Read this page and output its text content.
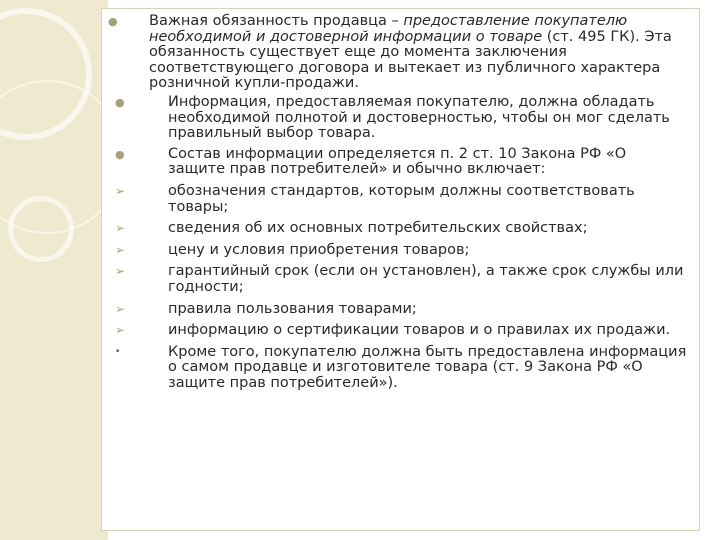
●	Важная обязанность продавца – предоставление покупателю необходимой и достоверной информации о товаре (ст. 495 ГК). Эта обязанность существует еще до момента заключения соответствующего договора и вытекает из публичного характера розничной купли-продажи.

●	Информация, предоставляемая покупателю, должна обладать необходимой полнотой и достоверностью, чтобы он мог сделать правильный выбор товара.

●	Состав информации определяется п. 2 ст. 10 Закона РФ «О защите прав потребителей» и обычно включает:

➢	обозначения стандартов, которым должны соответствовать товары;

➢	сведения об их основных потребительских свойствах;

➢	цену и условия приобретения товаров;

➢	гарантийный срок (если он установлен), а также срок службы или годности;

➢	правила пользования товарами;

➢	информацию о сертификации товаров и о правилах их продажи.

•	Кроме того, покупателю должна быть предоставлена информация о самом продавце и изготовителе товара (ст. 9 Закона РФ «О защите прав потребителей»).
